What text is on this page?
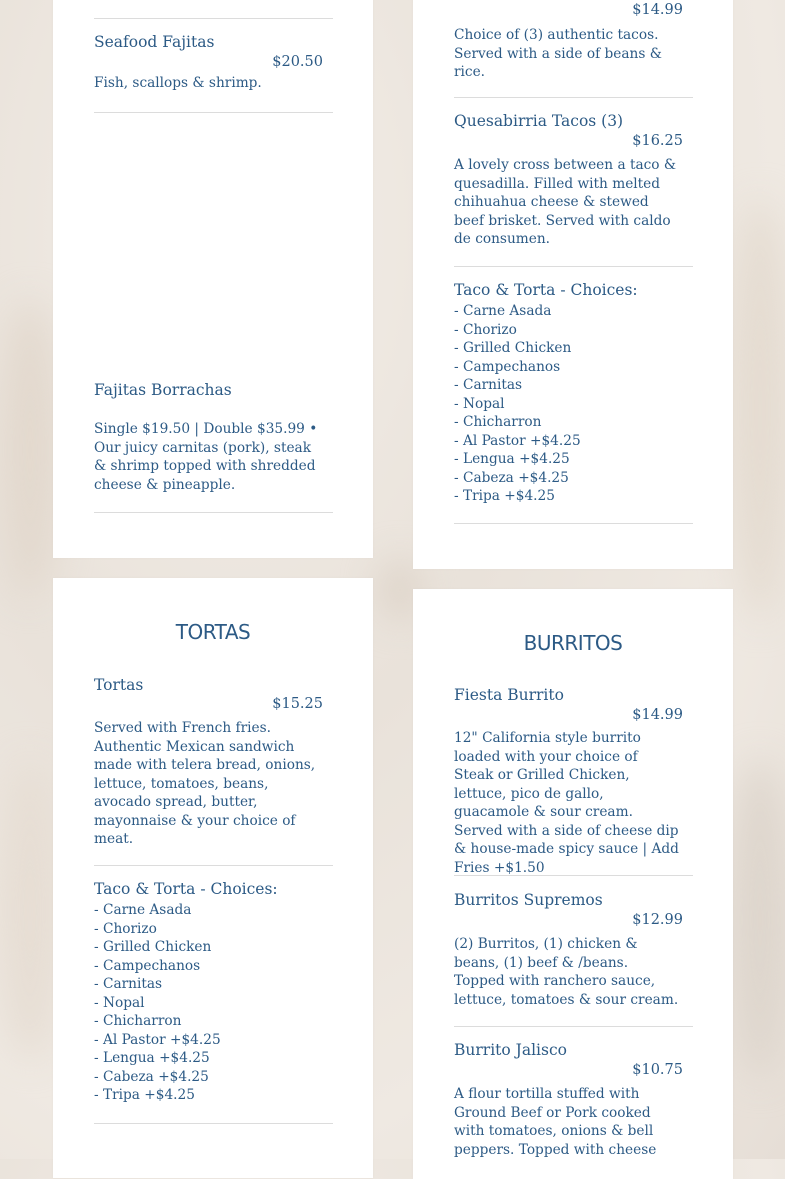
Seafood Fajitas
$20.50
Fish, scallops & shrimp.
Fajitas Borrachas
Single $19.50 | Double $35.99 • Our juicy carnitas (pork), steak & shrimp topped with shredded cheese & pineapple.
TORTAS
Tortas
$15.25
Served with French fries. Authentic Mexican sandwich made with telera bread, onions, lettuce, tomatoes, beans, avocado spread, butter, mayonnaise & your choice of meat.
Taco & Torta - Choices:
- Carne Asada
- Chorizo
- Grilled Chicken
- Campechanos
- Carnitas
- Nopal
- Chicharron
- Al Pastor +$4.25
- Lengua +$4.25
- Cabeza +$4.25
- Tripa +$4.25
$14.99
Choice of (3) authentic tacos. Served with a side of beans & rice.
Quesabirria Tacos (3)
$16.25
A lovely cross between a taco & quesadilla. Filled with melted chihuahua cheese & stewed beef brisket. Served with caldo de consumen.
Taco & Torta - Choices:
- Carne Asada
- Chorizo
- Grilled Chicken
- Campechanos
- Carnitas
- Nopal
- Chicharron
- Al Pastor +$4.25
- Lengua +$4.25
- Cabeza +$4.25
- Tripa +$4.25
BURRITOS
Fiesta Burrito
$14.99
12" California style burrito loaded with your choice of Steak or Grilled Chicken, lettuce, pico de gallo, guacamole & sour cream. Served with a side of cheese dip & house-made spicy sauce | Add Fries +$1.50
Burritos Supremos
$12.99
(2) Burritos, (1) chicken & beans, (1) beef & /beans. Topped with ranchero sauce, lettuce, tomatoes & sour cream.
Burrito Jalisco
$10.75
A flour tortilla stuffed with Ground Beef or Pork cooked with tomatoes, onions & bell peppers. Topped with cheese
